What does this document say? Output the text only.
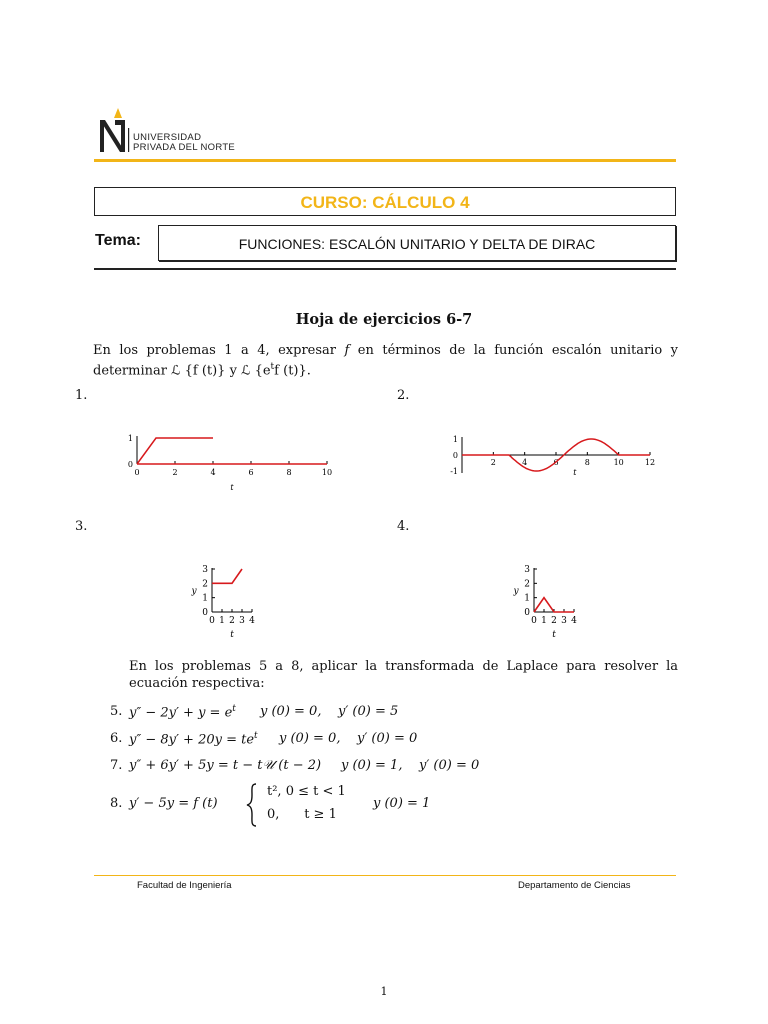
UNIVERSIDAD
PRIVADA DEL NORTE
CURSO: CÁLCULO 4
Tema:	FUNCIONES: ESCALÓN UNITARIO Y DELTA DE DIRAC
Hoja de ejercicios 6-7
En los problemas 1 a 4, expresar f en términos de la función escalón unitario y determinar ℒ {f (t)} y ℒ {$e^tf$ (t)}.
1.	2.
3.	4.
0	2	4	6	8	10
0
1
t
2	4	6	8	10	12
1
0
-1	t
0 1 2 3 4
0
1
2
3
t
y
0 1 2 3 4
0
1
2
3
t
y
En los problemas 5 a 8, aplicar la transformada de Laplace para resolver la ecuación respectiva:
5. $y'' - 2y' + y = e^t$ y (0) = 0,    y′ (0) = 5
6. $y'' - 8y' + 20y = te^t$ y (0) = 0,    y′ (0) = 0
7. y″ + 6y′ + 5y = t − t𝒰 (t − 2) y (0) = 1,    y′ (0) = 0
8. y′ − 5y = f (t)
t², 0 ≤ t < 1
0,      t ≥ 1
y (0) = 1
Facultad de Ingeniería	Departamento de Ciencias
1
